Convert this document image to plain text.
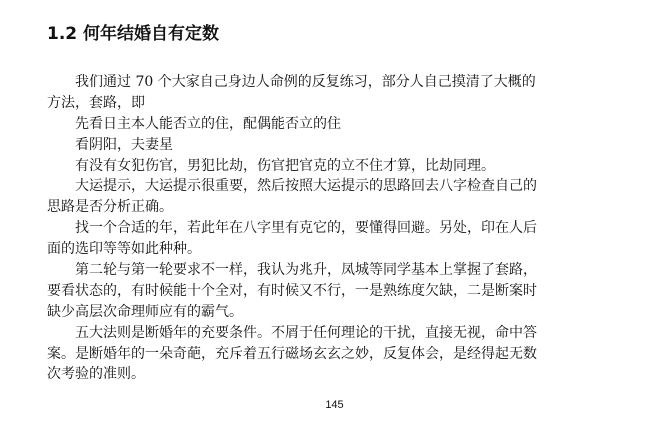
1.2 何年结婚自有定数
我们通过 70 个大家自己身边人命例的反复练习，部分人自己摸清了大概的
方法，套路，即
先看日主本人能否立的住，配偶能否立的住
看阴阳，夫妻星
有没有女犯伤官，男犯比劫，伤官把官克的立不住才算，比劫同理。
大运提示，大运提示很重要，然后按照大运提示的思路回去八字检查自己的
思路是否分析正确。
找一个合适的年，若此年在八字里有克它的，要懂得回避。另处，印在人后
面的选印等等如此种种。
第二轮与第一轮要求不一样，我认为兆升，凤城等同学基本上掌握了套路，
要看状态的，有时候能十个全对，有时候又不行，一是熟练度欠缺，二是断案时
缺少高层次命理师应有的霸气。
五大法则是断婚年的充要条件。不屑于任何理论的干扰，直接无视，命中答
案。是断婚年的一朵奇葩，充斥着五行磁场玄玄之妙，反复体会，是经得起无数
次考验的准则。
145
